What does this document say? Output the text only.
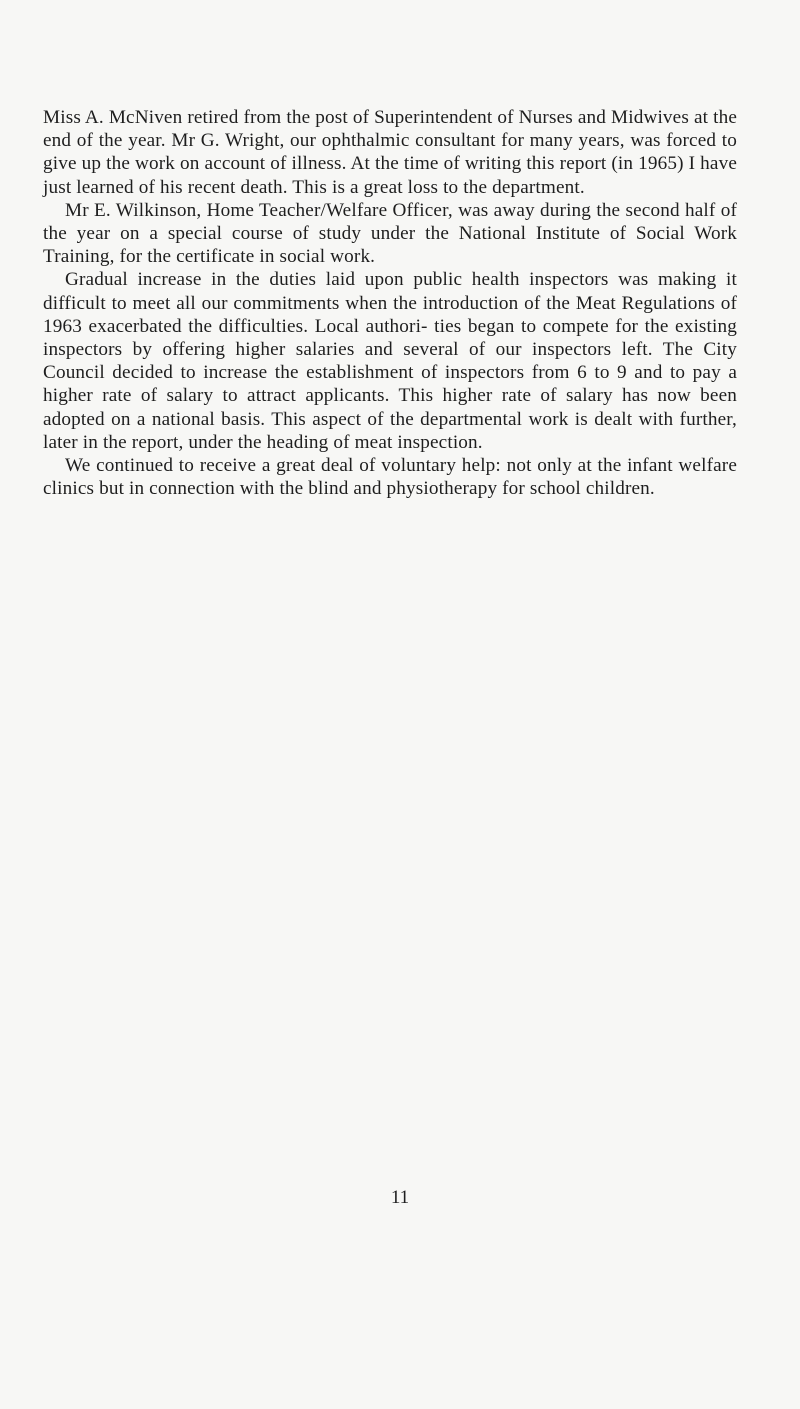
Miss A. McNiven retired from the post of Superintendent of Nurses and Midwives at the end of the year. Mr G. Wright, our ophthalmic consultant for many years, was forced to give up the work on account of illness. At the time of writing this report (in 1965) I have just learned of his recent death. This is a great loss to the department.

Mr E. Wilkinson, Home Teacher/Welfare Officer, was away during the second half of the year on a special course of study under the National Institute of Social Work Training, for the certificate in social work.

Gradual increase in the duties laid upon public health inspectors was making it difficult to meet all our commitments when the introduction of the Meat Regulations of 1963 exacerbated the difficulties. Local authori- ties began to compete for the existing inspectors by offering higher salaries and several of our inspectors left. The City Council decided to increase the establishment of inspectors from 6 to 9 and to pay a higher rate of salary to attract applicants. This higher rate of salary has now been adopted on a national basis. This aspect of the departmental work is dealt with further, later in the report, under the heading of meat inspection.

We continued to receive a great deal of voluntary help: not only at the infant welfare clinics but in connection with the blind and physiotherapy for school children.

11
